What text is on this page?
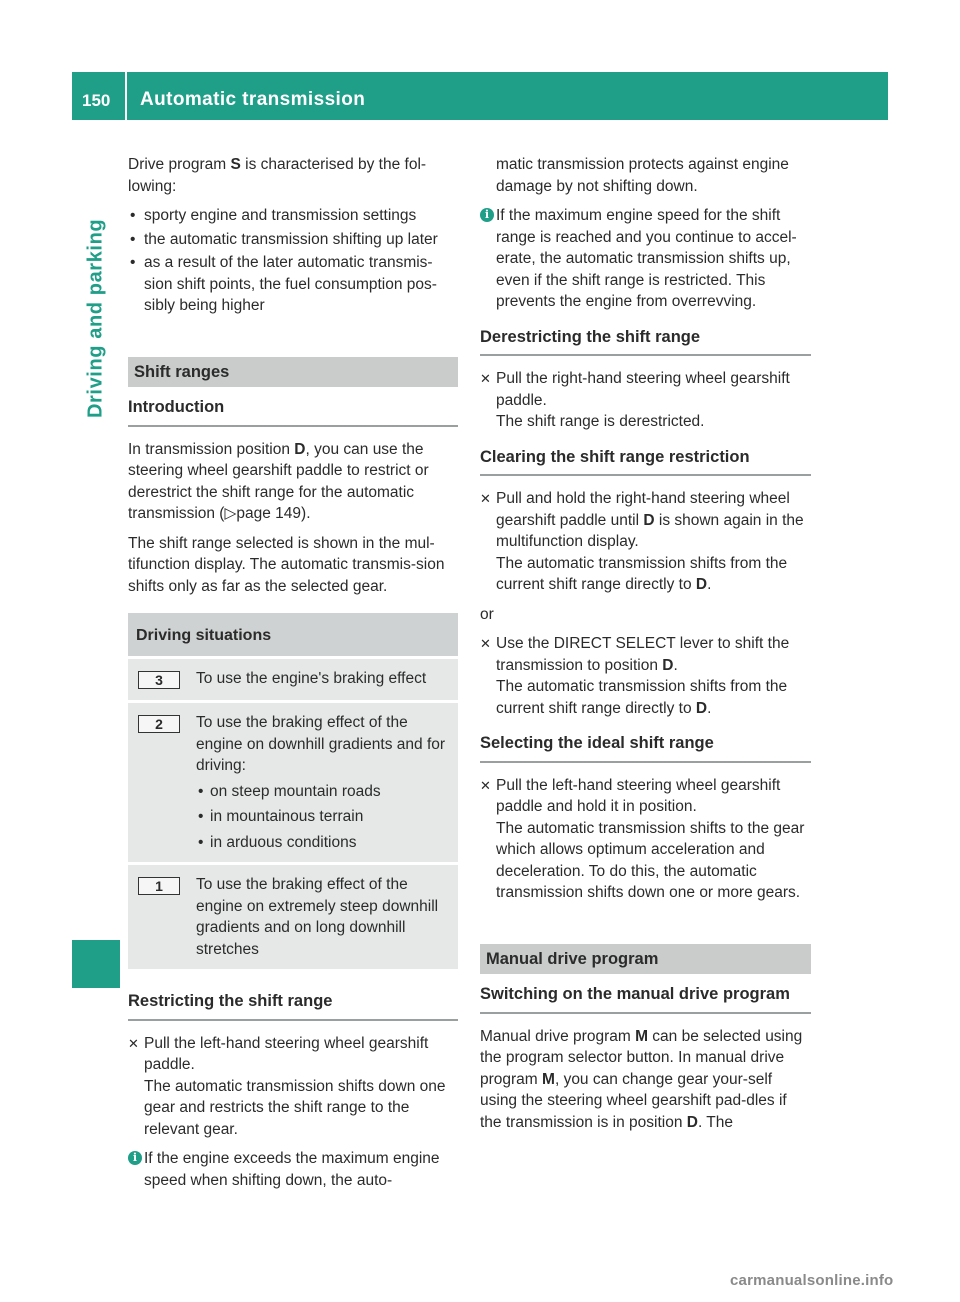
150 Automatic transmission
Driving and parking

Drive program S is characterised by the fol-lowing:

• sporty engine and transmission settings
• the automatic transmission shifting up later
• as a result of the later automatic transmis-sion shift points, the fuel consumption pos-sibly being higher
Shift ranges
Introduction

In transmission position D, you can use the steering wheel gearshift paddle to restrict or derestrict the shift range for the automatic transmission (▷page 149).

The shift range selected is shown in the mul-tifunction display. The automatic transmis-sion shifts only as far as the selected gear.

Driving situations	
3	To use the engine's braking effect
2	To use the braking effect of the engine on downhill gradients and for driving:
• on steep mountain roads
• in mountainous terrain
• in arduous conditions

1	To use the braking effect of the engine on extremely steep downhill gradients and on long downhill stretches
Restricting the shift range
✕ Pull the left-hand steering wheel gearshift paddle.
The automatic transmission shifts down one gear and restricts the shift range to the relevant gear.
i If the engine exceeds the maximum engine speed when shifting down, the auto-
matic transmission protects against engine damage by not shifting down.
i If the maximum engine speed for the shift range is reached and you continue to accel-erate, the automatic transmission shifts up, even if the shift range is restricted. This prevents the engine from overrevving.
Derestricting the shift range
✕ Pull the right-hand steering wheel gearshift paddle.
The shift range is derestricted.
Clearing the shift range restriction
✕ Pull and hold the right-hand steering wheel gearshift paddle until D is shown again in the multifunction display.
The automatic transmission shifts from the current shift range directly to D.

or

✕ Use the DIRECT SELECT lever to shift the transmission to position D.
The automatic transmission shifts from the current shift range directly to D.
Selecting the ideal shift range
✕ Pull the left-hand steering wheel gearshift paddle and hold it in position.
The automatic transmission shifts to the gear which allows optimum acceleration and deceleration. To do this, the automatic transmission shifts down one or more gears.
Manual drive program
Switching on the manual drive program

Manual drive program M can be selected using the program selector button. In manual drive program M, you can change gear your-self using the steering wheel gearshift pad-dles if the transmission is in position D. The

carmanualsonline.info
